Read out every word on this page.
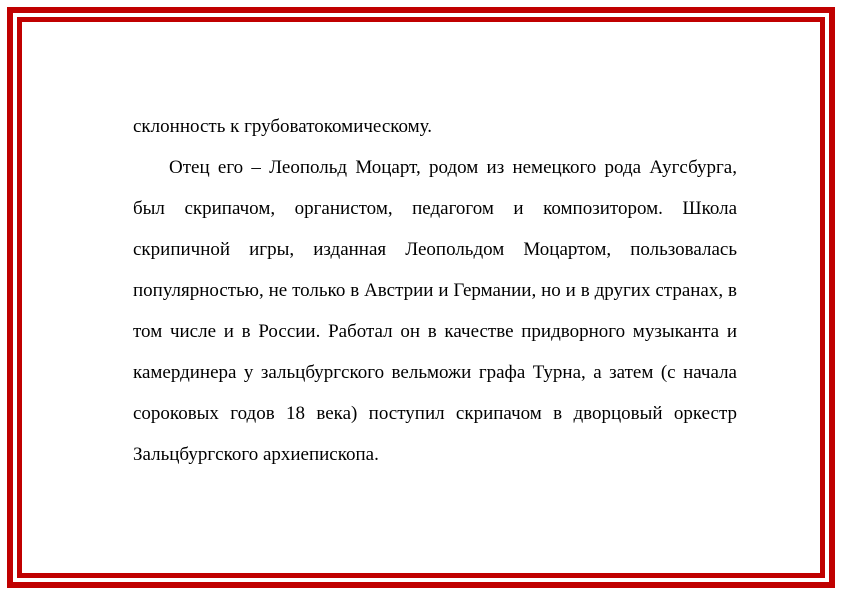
склонность к грубоватокомическому.

Отец его – Леопольд Моцарт, родом из немецкого рода Аугсбурга, был скрипачом, органистом, педагогом и композитором. Школа скрипичной игры, изданная Леопольдом Моцартом, пользовалась популярностью, не только в Австрии и Германии, но и в других странах, в том числе и в России. Работал он в качестве придворного музыканта и камердинера у зальцбургского вельможи графа Турна, а затем (с начала сороковых годов 18 века) поступил скрипачом в дворцовый оркестр Зальцбургского архиепископа.
